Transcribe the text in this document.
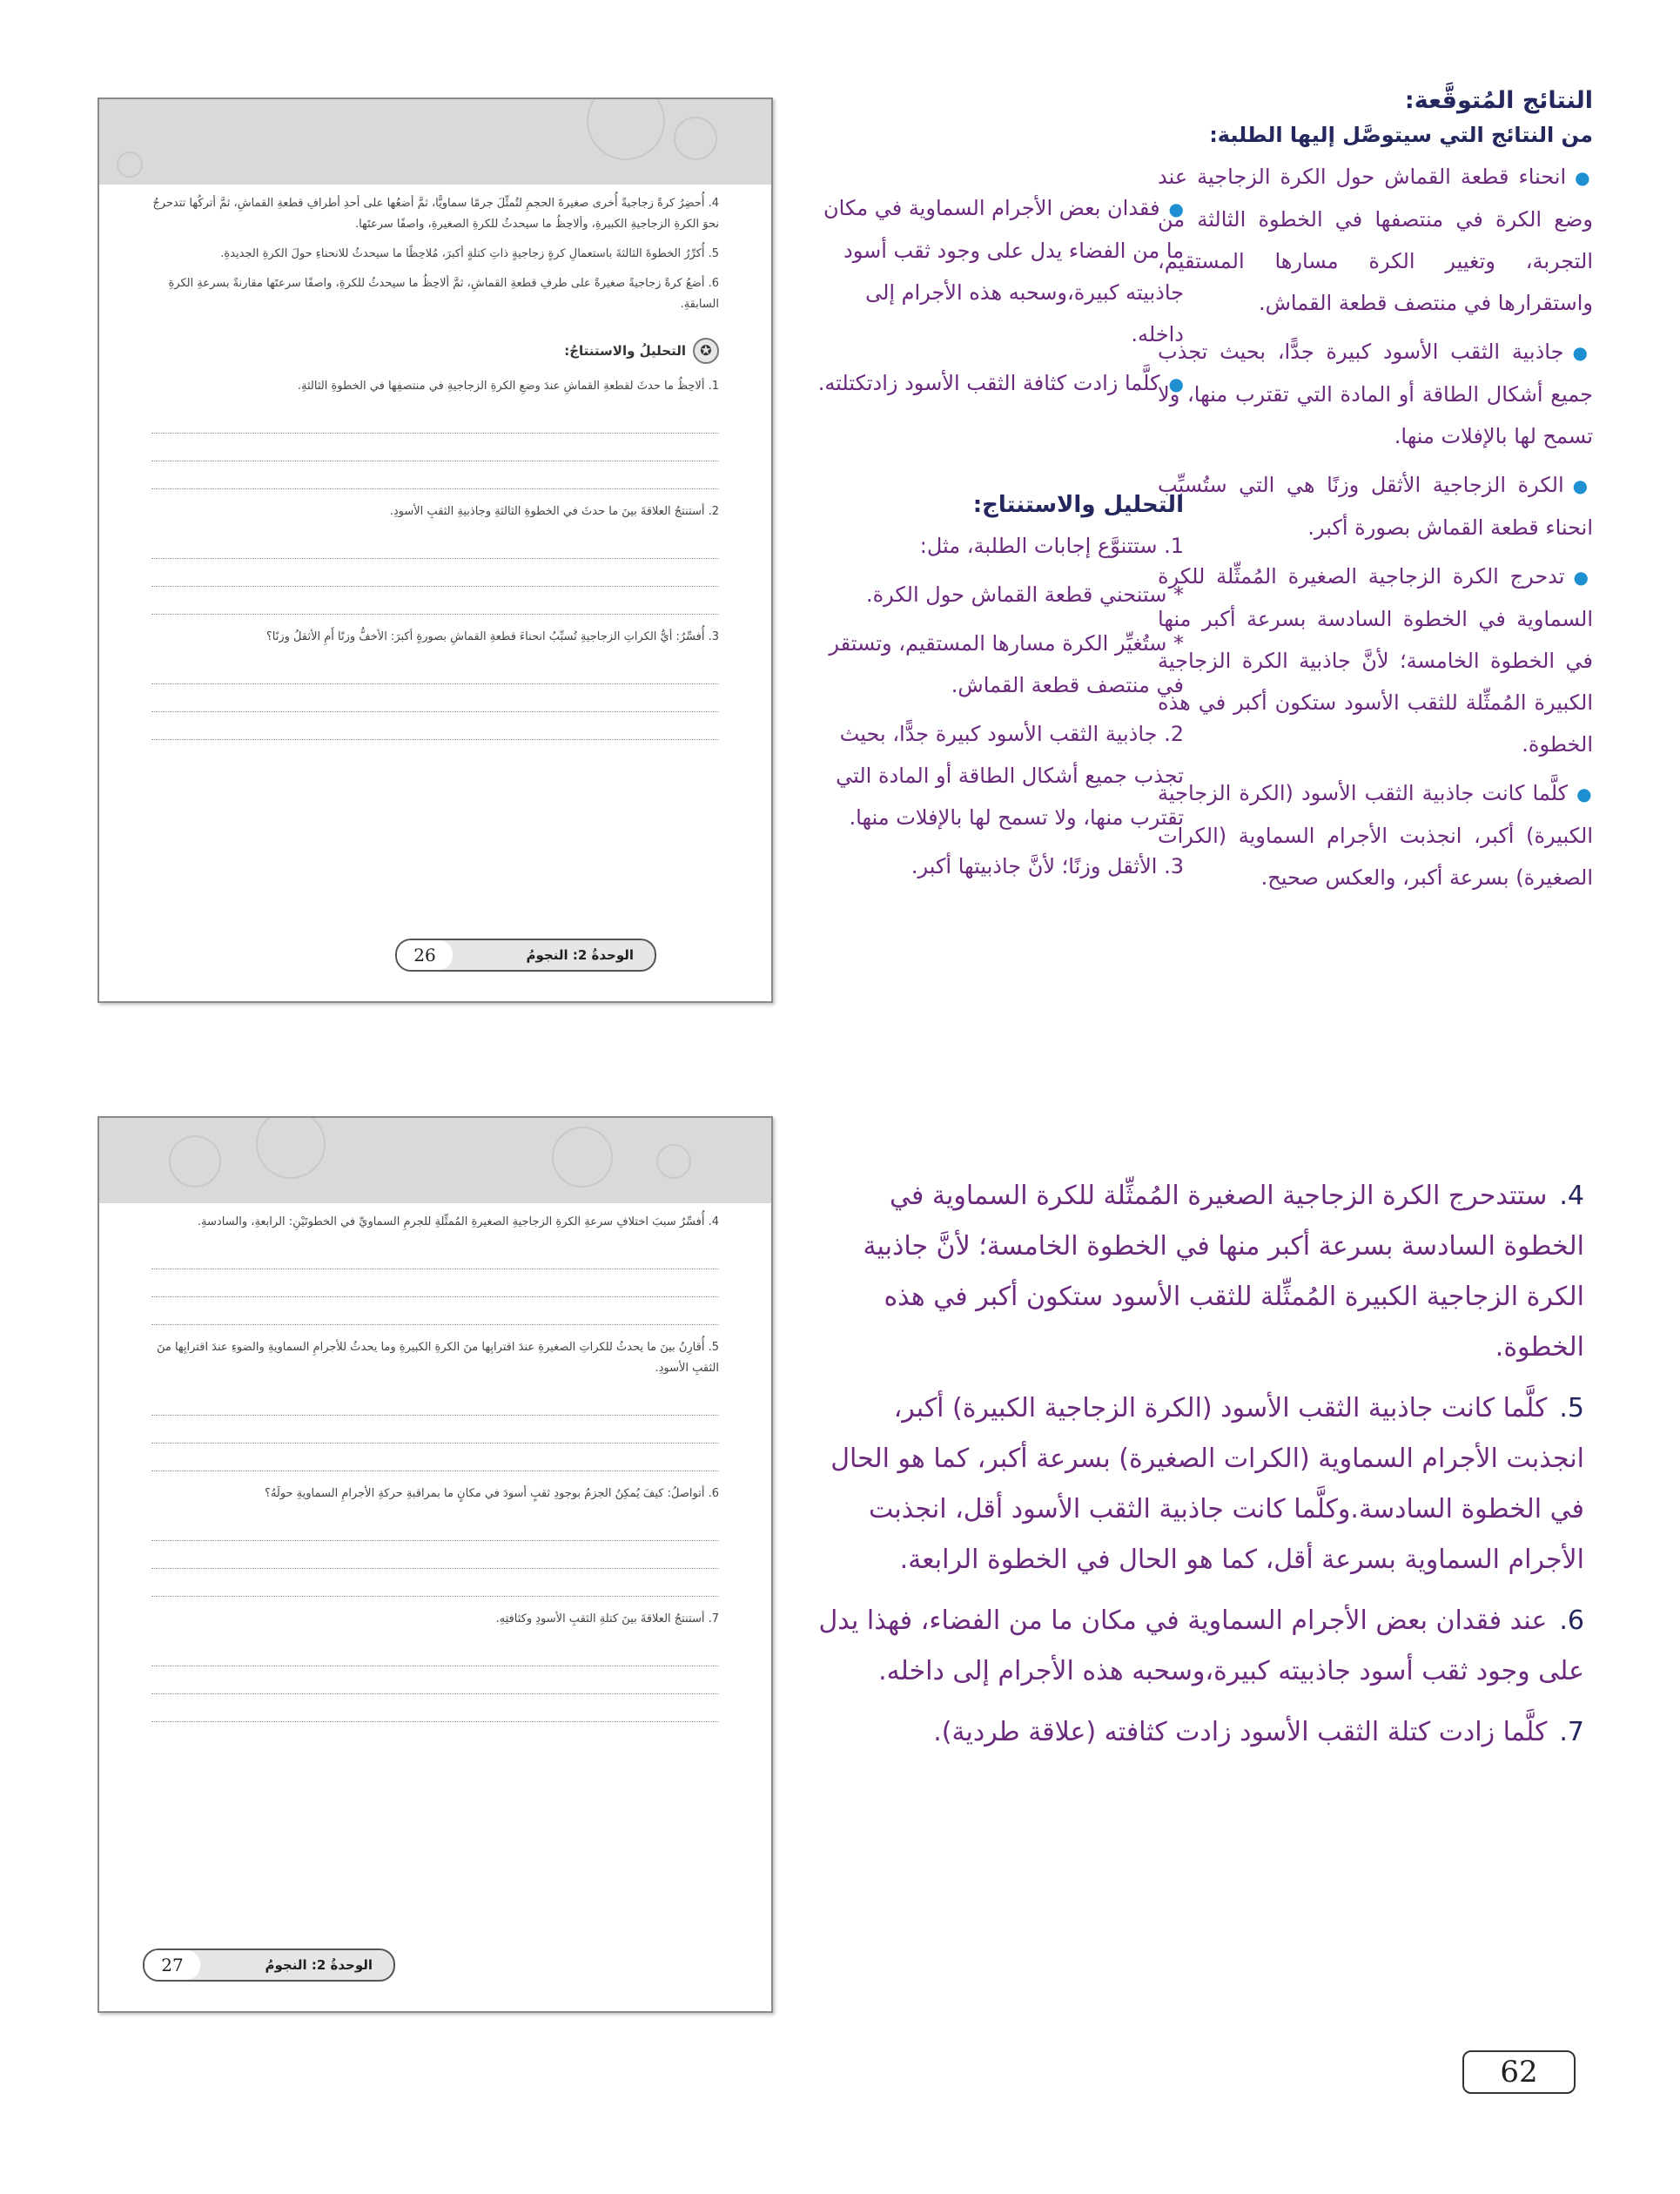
النتائج المُتوقَّعة:
من النتائج التي سيتوصَّل إليها الطلبة:

● انحناء قطعة القماش حول الكرة الزجاجية عند وضع الكرة في منتصفها في الخطوة الثالثة من التجربة، وتغيير الكرة مسارها المستقيم، واستقرارها في منتصف قطعة القماش.

● جاذبية الثقب الأسود كبيرة جدًّا، بحيث تجذب جميع أشكال الطاقة أو المادة التي تقترب منها، ولا تسمح لها بالإفلات منها.

● الكرة الزجاجية الأثقل وزنًا هي التي ستُسبِّب انحناء قطعة القماش بصورة أكبر.

● تدحرج الكرة الزجاجية الصغيرة المُمثِّلة للكرة السماوية في الخطوة السادسة بسرعة أكبر منها في الخطوة الخامسة؛ لأنَّ جاذبية الكرة الزجاجية الكبيرة المُمثِّلة للثقب الأسود ستكون أكبر في هذه الخطوة.

● كلَّما كانت جاذبية الثقب الأسود (الكرة الزجاجية الكبيرة) أكبر، انجذبت الأجرام السماوية (الكرات الصغيرة) بسرعة أكبر، والعكس صحيح.

● فقدان بعض الأجرام السماوية في مكان ما من الفضاء يدل على وجود ثقب أسود جاذبيته كبيرة،وسحبه هذه الأجرام إلى داخله.

● كلَّما زادت كثافة الثقب الأسود زادتكتلته.

التحليل والاستنتاج:

1. ستتنوَّع إجابات الطلبة، مثل:

* ستنحني قطعة القماش حول الكرة.

* ستُغيِّر الكرة مسارها المستقيم، وتستقر في منتصف قطعة القماش.

2. جاذبية الثقب الأسود كبيرة جدًّا، بحيث تجذب جميع أشكال الطاقة أو المادة التي تقترب منها، ولا تسمح لها بالإفلات منها.

3. الأثقل وزنًا؛ لأنَّ جاذبيتها أكبر.

4.ستتدحرج الكرة الزجاجية الصغيرة المُمثِّلة للكرة السماوية في الخطوة السادسة بسرعة أكبر منها في الخطوة الخامسة؛ لأنَّ جاذبية الكرة الزجاجية الكبيرة المُمثِّلة للثقب الأسود ستكون أكبر في هذه الخطوة.

5.كلَّما كانت جاذبية الثقب الأسود (الكرة الزجاجية الكبيرة) أكبر، انجذبت الأجرام السماوية (الكرات الصغيرة) بسرعة أكبر، كما هو الحال في الخطوة السادسة.وكلَّما كانت جاذبية الثقب الأسود أقل، انجذبت الأجرام السماوية بسرعة أقل، كما هو الحال في الخطوة الرابعة.

6.عند فقدان بعض الأجرام السماوية في مكان ما من الفضاء، فهذا يدل على وجود ثقب أسود جاذبيته كبيرة،وسحبه هذه الأجرام إلى داخله.

7.كلَّما زادت كتلة الثقب الأسود زادت كثافته (علاقة طردية).

4. أُحضِرُ كرةً زجاجيةً أُخرى صغيرةَ الحجمِ لتُمثِّلَ جرمًا سماويًّا، ثمَّ أضعُها على أحدِ أطرافِ قطعةِ القماشِ، ثمَّ أتركُها تتدحرجُ نحوَ الكرةِ الزجاجيةِ الكبيرةِ، وألاحِظُ ما سيحدثُ للكرةِ الصغيرةِ، واصفًا سرعتَها.

5. أُكرِّرُ الخطوةَ الثالثةَ باستعمالِ كرةٍ زجاجيةٍ ذاتِ كتلةٍ أكبرَ، مُلاحِظًا ما سيحدثُ للانحناءِ حولَ الكرةِ الجديدةِ.

6. أضعُ كرةً زجاجيةً صغيرةً على طرفِ قطعةِ القماشِ، ثمَّ ألاحِظُ ما سيحدثُ للكرةِ، واصفًا سرعتَها مقارنةً بسرعةِ الكرةِ السابقةِ.

✪
التحليلُ والاستنتاجُ:

1. ألاحِظُ ما حدثَ لقطعةِ القماشِ عندَ وضعِ الكرةِ الزجاجيةِ في منتصفِها في الخطوةِ الثالثةِ.

2. أستنتجُ العلاقةَ بينَ ما حدثَ في الخطوةِ الثالثةِ وجاذبيةِ الثقبِ الأسودِ.

3. أُفسِّرُ: أيُّ الكراتِ الزجاجيةِ تُسبِّبُ انحناءَ قطعةِ القماشِ بصورةٍ أكبرَ: الأخفُّ وزنًا أَمِ الأثقلُ وزنًا؟

الوحدةُ 2: النجومُ
26

4. أُفسِّرُ سببَ اختلافِ سرعةِ الكرةِ الزجاجيةِ الصغيرةِ المُمثِّلةِ للجرمِ السماويِّ في الخطوتَيْنِ: الرابعةِ، والسادسةِ.

5. أُقارِنُ بينَ ما يحدثُ للكراتِ الصغيرةِ عندَ اقترابِها منَ الكرةِ الكبيرةِ وما يحدثُ للأجرامِ السماويةِ والضوءِ عندَ اقترابِها منَ الثقبِ الأسودِ.

6. أتواصلُ: كيفَ يُمكِنُ الجزمُ بوجودِ ثقبٍ أسودَ في مكانٍ ما بمراقبةِ حركةِ الأجرامِ السماويةِ حولَهُ؟

7. أستنتجُ العلاقةَ بينَ كتلةِ الثقبِ الأسودِ وكثافتِهِ.

الوحدةُ 2: النجومُ
27
62
